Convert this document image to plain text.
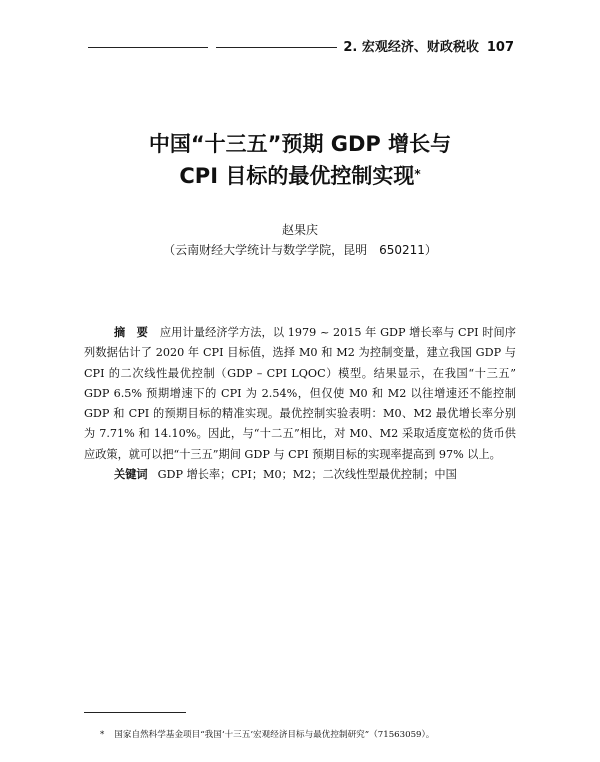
2. 宏观经济、财政税收 107
中国“十三五”预期 GDP 增长与
CPI 目标的最优控制实现*
赵果庆
（云南财经大学统计与数学学院，昆明　650211）

摘　要 应用计量经济学方法，以 1979 ~ 2015 年 GDP 增长率与 CPI 时间序列数据估计了 2020 年 CPI 目标值，选择 M0 和 M2 为控制变量，建立我国 GDP 与 CPI 的二次线性最优控制（GDP – CPI LQOC）模型。结果显示，在我国“十三五” GDP 6.5% 预期增速下的 CPI 为 2.54%，但仅使 M0 和 M2 以往增速还不能控制 GDP 和 CPI 的预期目标的精准实现。最优控制实验表明：M0、M2 最优增长率分别为 7.71% 和 14.10%。因此，与“十二五”相比，对 M0、M2 采取适度宽松的货币供应政策，就可以把“十三五”期间 GDP 与 CPI 预期目标的实现率提高到 97% 以上。

关键词 GDP 增长率；CPI；M0；M2；二次线性型最优控制；中国

* 国家自然科学基金项目“我国‘十三五’宏观经济目标与最优控制研究”（71563059）。
